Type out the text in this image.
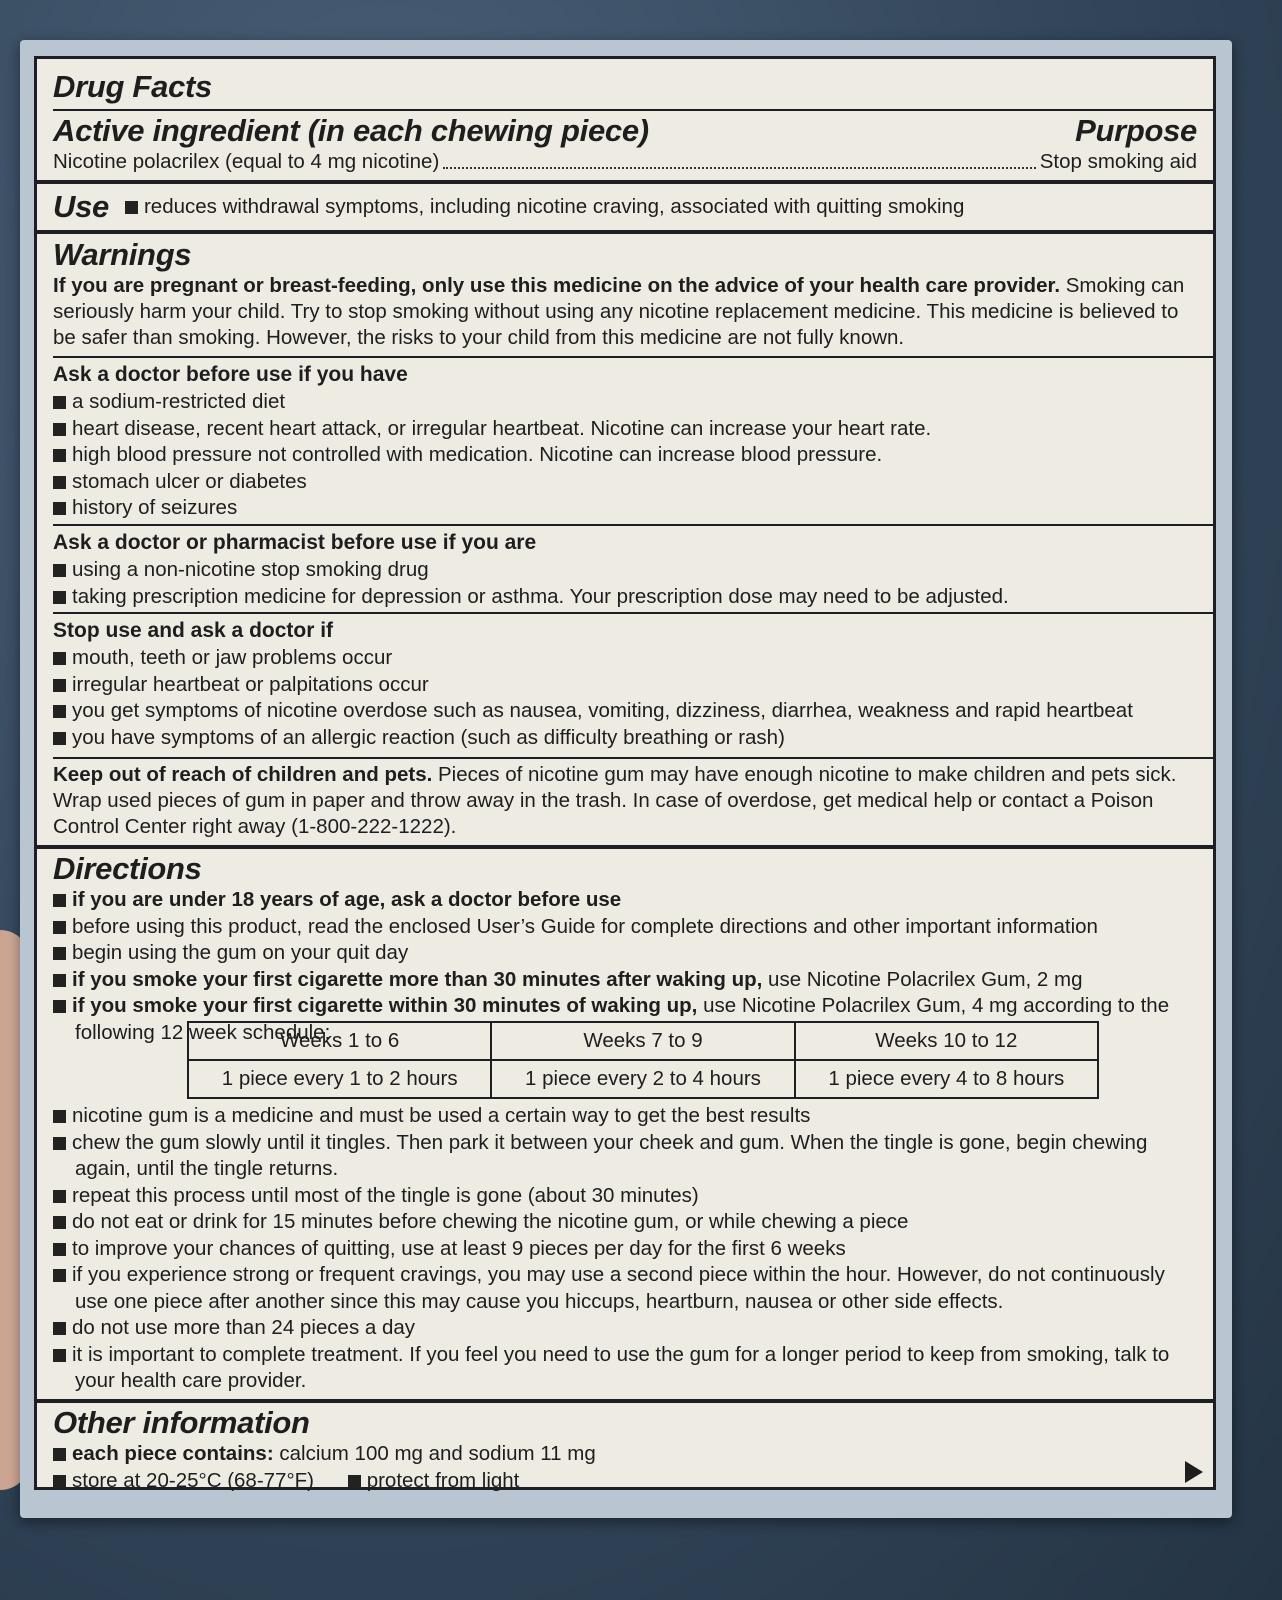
Drug Facts
Active ingredient (in each chewing piece)	Purpose
Nicotine polacrilex (equal to 4 mg nicotine)	Stop smoking aid
Use reduces withdrawal symptoms, including nicotine craving, associated with quitting smoking
Warnings
If you are pregnant or breast-feeding, only use this medicine on the advice of your health care provider. Smoking can seriously harm your child. Try to stop smoking without using any nicotine replacement medicine. This medicine is believed to be safer than smoking. However, the risks to your child from this medicine are not fully known.
Ask a doctor before use if you have
a sodium-restricted diet
heart disease, recent heart attack, or irregular heartbeat. Nicotine can increase your heart rate.
high blood pressure not controlled with medication. Nicotine can increase blood pressure.
stomach ulcer or diabetes
history of seizures
Ask a doctor or pharmacist before use if you are
using a non-nicotine stop smoking drug
taking prescription medicine for depression or asthma. Your prescription dose may need to be adjusted.
Stop use and ask a doctor if
mouth, teeth or jaw problems occur
irregular heartbeat or palpitations occur
you get symptoms of nicotine overdose such as nausea, vomiting, dizziness, diarrhea, weakness and rapid heartbeat
you have symptoms of an allergic reaction (such as difficulty breathing or rash)
Keep out of reach of children and pets. Pieces of nicotine gum may have enough nicotine to make children and pets sick. Wrap used pieces of gum in paper and throw away in the trash. In case of overdose, get medical help or contact a Poison Control Center right away (1-800-222-1222).
Directions
if you are under 18 years of age, ask a doctor before use
before using this product, read the enclosed User’s Guide for complete directions and other important information
begin using the gum on your quit day
if you smoke your first cigarette more than 30 minutes after waking up, use Nicotine Polacrilex Gum, 2 mg
if you smoke your first cigarette within 30 minutes of waking up, use Nicotine Polacrilex Gum, 4 mg according to the
following 12 week schedule:
Weeks 1 to 6	Weeks 7 to 9	Weeks 10 to 12
1 piece every 1 to 2 hours	1 piece every 2 to 4 hours	1 piece every 4 to 8 hours
nicotine gum is a medicine and must be used a certain way to get the best results
chew the gum slowly until it tingles. Then park it between your cheek and gum. When the tingle is gone, begin chewing again, until the tingle returns.
repeat this process until most of the tingle is gone (about 30 minutes)
do not eat or drink for 15 minutes before chewing the nicotine gum, or while chewing a piece
to improve your chances of quitting, use at least 9 pieces per day for the first 6 weeks
if you experience strong or frequent cravings, you may use a second piece within the hour. However, do not continuously use one piece after another since this may cause you hiccups, heartburn, nausea or other side effects.
do not use more than 24 pieces a day
it is important to complete treatment. If you feel you need to use the gum for a longer period to keep from smoking, talk to your health care provider.
Other information
each piece contains: calcium 100 mg and sodium 11 mg
store at 20-25°C (68-77°F)	protect from light
